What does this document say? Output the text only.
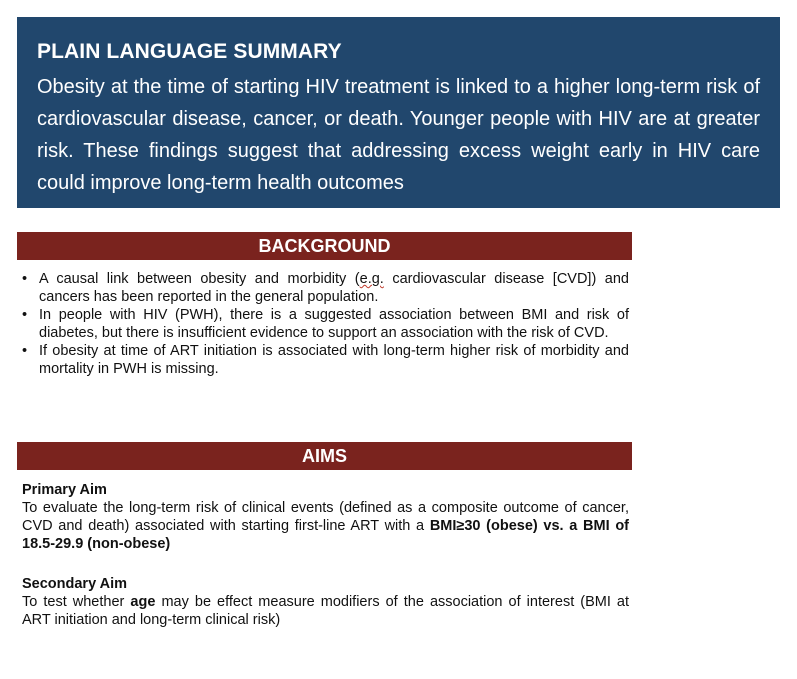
PLAIN LANGUAGE SUMMARY

Obesity at the time of starting HIV treatment is linked to a higher long-term risk of cardiovascular disease, cancer, or death. Younger people with HIV are at greater risk. These findings suggest that addressing excess weight early in HIV care could improve long-term health outcomes

BACKGROUND
• A causal link between obesity and morbidity (e.g. cardiovascular disease [CVD]) and cancers has been reported in the general population.
• In people with HIV (PWH), there is a suggested association between BMI and risk of diabetes, but there is insufficient evidence to support an association with the risk of CVD.
• If obesity at time of ART initiation is associated with long-term higher risk of morbidity and mortality in PWH is missing.
AIMS

Primary Aim

To evaluate the long-term risk of clinical events (defined as a composite outcome of cancer, CVD and death) associated with starting first-line ART with a BMI≥30 (obese) vs. a BMI of 18.5-29.9 (non-obese)

Secondary Aim

To test whether age may be effect measure modifiers of the association of interest (BMI at ART initiation and long-term clinical risk)
